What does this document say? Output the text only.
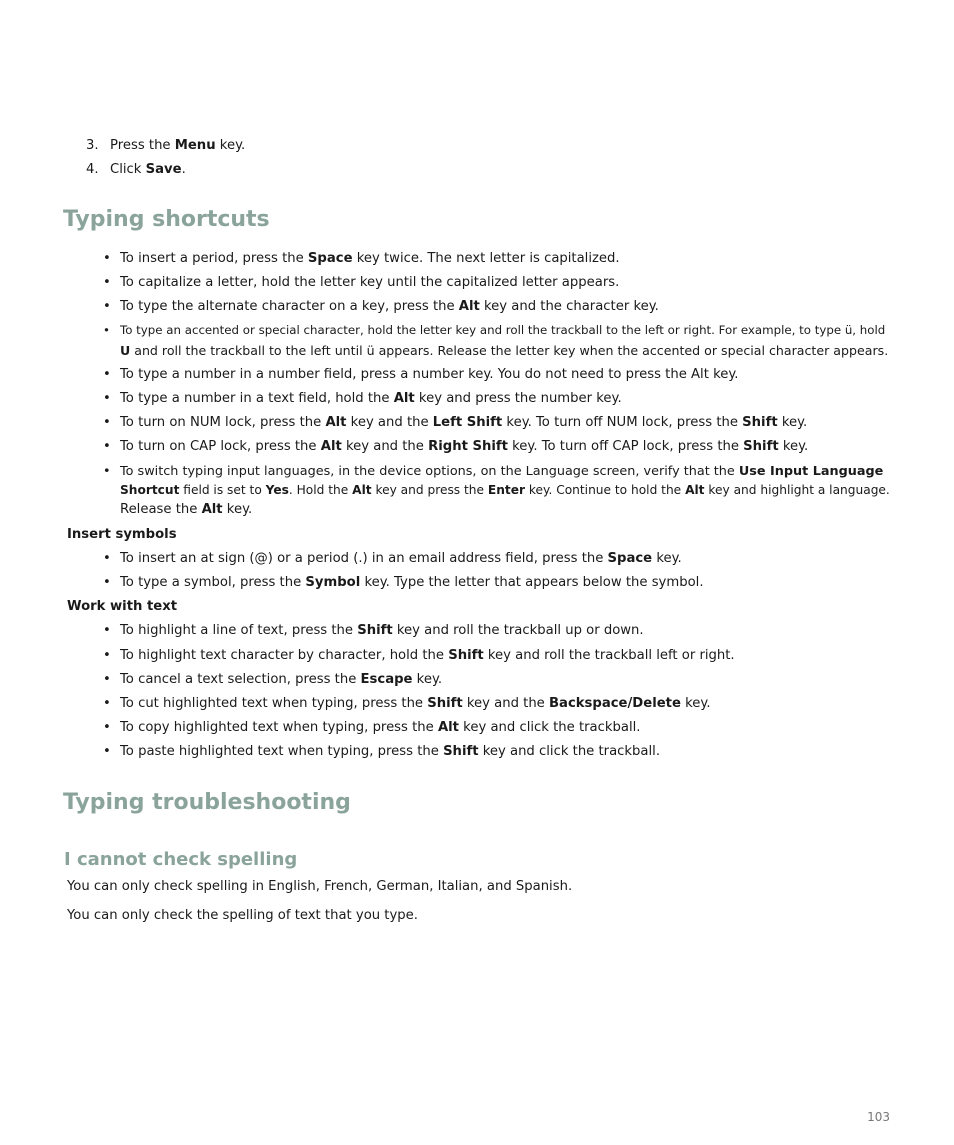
3. Press the Menu key.
4. Click Save.
Typing shortcuts
• To insert a period, press the Space key twice. The next letter is capitalized.
• To capitalize a letter, hold the letter key until the capitalized letter appears.
• To type the alternate character on a key, press the Alt key and the character key.
• To type an accented or special character, hold the letter key and roll the trackball to the left or right. For example, to type ü, hold
U and roll the trackball to the left until ü appears. Release the letter key when the accented or special character appears.
• To type a number in a number field, press a number key. You do not need to press the Alt key.
• To type a number in a text field, hold the Alt key and press the number key.
• To turn on NUM lock, press the Alt key and the Left Shift key. To turn off NUM lock, press the Shift key.
• To turn on CAP lock, press the Alt key and the Right Shift key. To turn off CAP lock, press the Shift key.
• To switch typing input languages, in the device options, on the Language screen, verify that the Use Input Language
Shortcut field is set to Yes. Hold the Alt key and press the Enter key. Continue to hold the Alt key and highlight a language.
Release the Alt key.
Insert symbols
• To insert an at sign (@) or a period (.) in an email address field, press the Space key.
• To type a symbol, press the Symbol key. Type the letter that appears below the symbol.
Work with text
• To highlight a line of text, press the Shift key and roll the trackball up or down.
• To highlight text character by character, hold the Shift key and roll the trackball left or right.
• To cancel a text selection, press the Escape key.
• To cut highlighted text when typing, press the Shift key and the Backspace/Delete key.
• To copy highlighted text when typing, press the Alt key and click the trackball.
• To paste highlighted text when typing, press the Shift key and click the trackball.
Typing troubleshooting
I cannot check spelling
You can only check spelling in English, French, German, Italian, and Spanish.
You can only check the spelling of text that you type.
103
